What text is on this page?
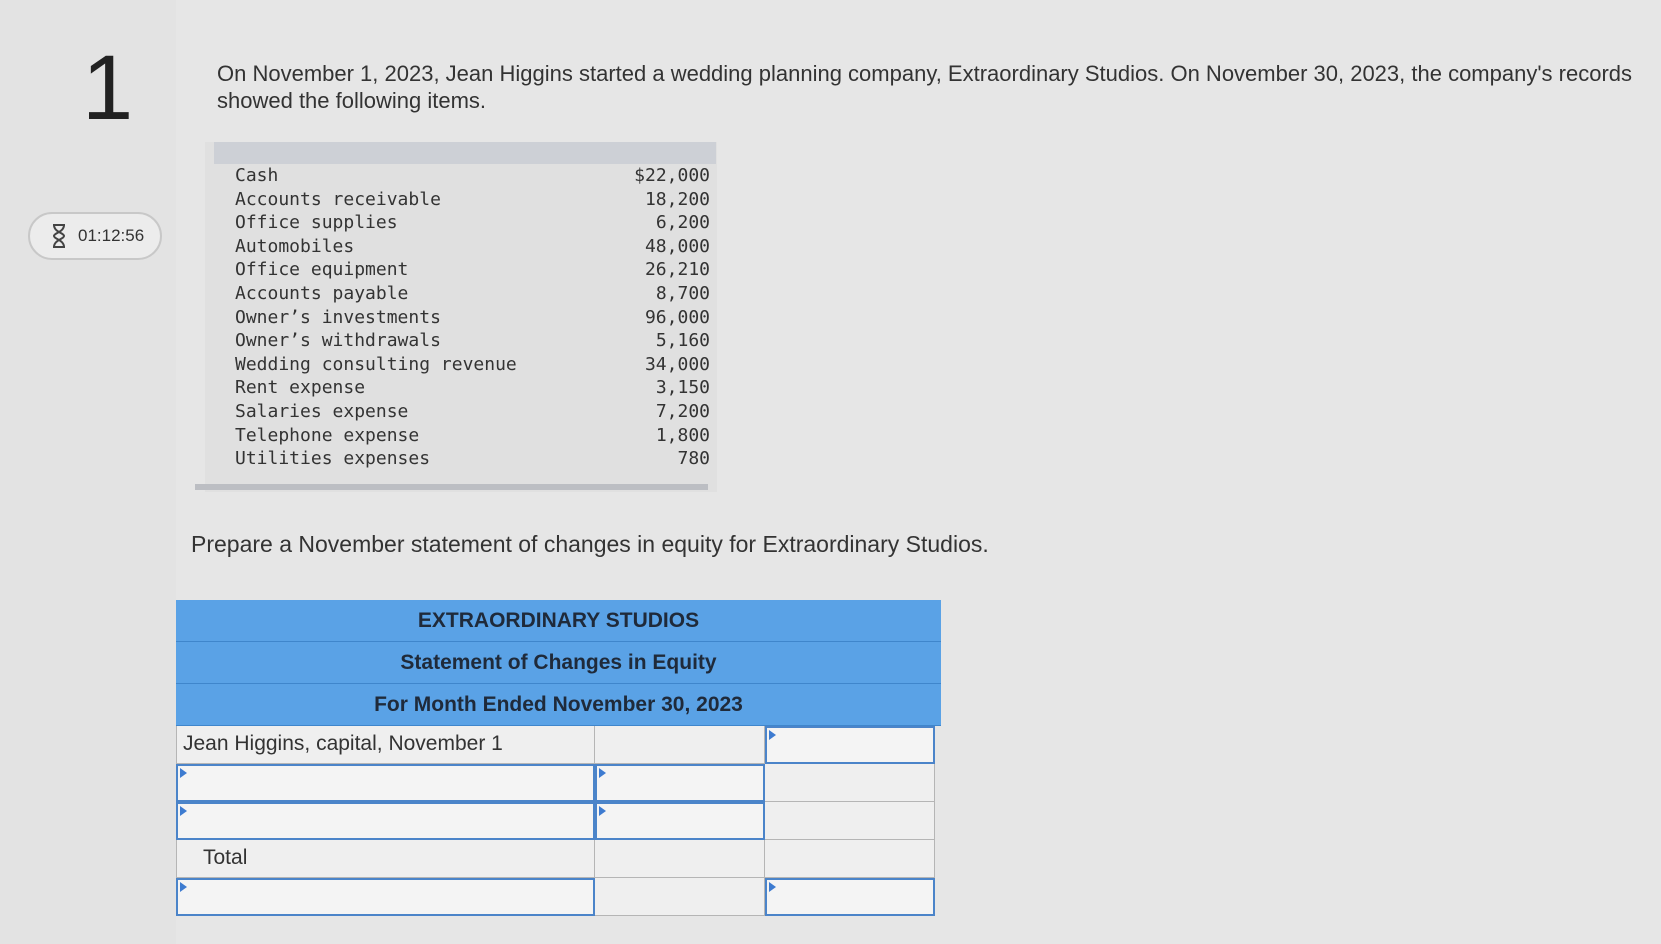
1
01:12:56
On November 1, 2023, Jean Higgins started a wedding planning company, Extraordinary Studios. On November 30, 2023, the company's records showed the following items.
Cash	$22,000
Accounts receivable	18,200
Office supplies	6,200
Automobiles	48,000
Office equipment	26,210
Accounts payable	8,700
Owner’s investments	96,000
Owner’s withdrawals	5,160
Wedding consulting revenue	34,000
Rent expense	3,150
Salaries expense	7,200
Telephone expense	1,800
Utilities expenses	780
Prepare a November statement of changes in equity for Extraordinary Studios.
EXTRAORDINARY STUDIOS
Statement of Changes in Equity
For Month Ended November 30, 2023
Jean Higgins, capital, November 1
Total
